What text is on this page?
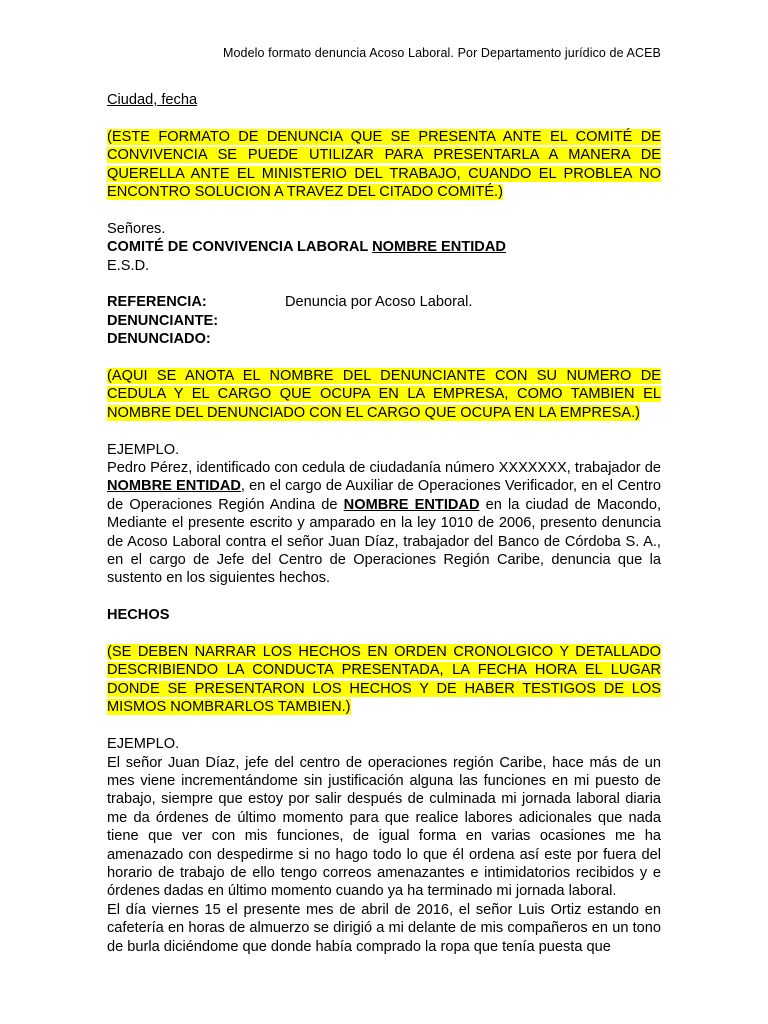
Modelo formato denuncia Acoso Laboral. Por Departamento jurídico de ACEB

Ciudad, fecha

(ESTE FORMATO DE DENUNCIA QUE SE PRESENTA ANTE EL COMITÉ DE CONVIVENCIA SE PUEDE UTILIZAR PARA PRESENTARLA A MANERA DE QUERELLA ANTE EL MINISTERIO DEL TRABAJO, CUANDO EL PROBLEA NO ENCONTRO SOLUCION A TRAVEZ DEL CITADO COMITÉ.)

Señores.

COMITÉ DE CONVIVENCIA LABORAL NOMBRE ENTIDAD

E.S.D.

REFERENCIA:	Denuncia por Acoso Laboral.

DENUNCIANTE:

DENUNCIADO:

(AQUI SE ANOTA EL NOMBRE DEL DENUNCIANTE CON SU NUMERO DE CEDULA Y EL CARGO QUE OCUPA EN LA EMPRESA, COMO TAMBIEN EL NOMBRE DEL DENUNCIADO CON EL CARGO QUE OCUPA EN LA EMPRESA.)

EJEMPLO.

Pedro Pérez, identificado con cedula de ciudadanía número XXXXXXX, trabajador de NOMBRE ENTIDAD, en el cargo de Auxiliar de Operaciones Verificador, en el Centro de Operaciones Región Andina de NOMBRE ENTIDAD en la ciudad de Macondo, Mediante el presente escrito y amparado en la ley 1010 de 2006, presento denuncia de Acoso Laboral contra el señor Juan Díaz, trabajador del Banco de Córdoba S. A., en el cargo de Jefe del Centro de Operaciones Región Caribe, denuncia que la sustento en los siguientes hechos.

HECHOS

(SE DEBEN NARRAR LOS HECHOS EN ORDEN CRONOLGICO Y DETALLADO DESCRIBIENDO LA CONDUCTA PRESENTADA, LA FECHA HORA EL LUGAR DONDE SE PRESENTARON LOS HECHOS Y DE HABER TESTIGOS DE LOS MISMOS NOMBRARLOS TAMBIEN.)

EJEMPLO.

El señor Juan Díaz, jefe del centro de operaciones región Caribe, hace más de un mes viene incrementándome sin justificación alguna las funciones en mi puesto de trabajo, siempre que estoy por salir después de culminada mi jornada laboral diaria me da órdenes de último momento para que realice labores adicionales que nada tiene que ver con mis funciones, de igual forma en varias ocasiones me ha amenazado con despedirme si no hago todo lo que él ordena así este por fuera del horario de trabajo de ello tengo correos amenazantes e intimidatorios recibidos y e órdenes dadas en último momento cuando ya ha terminado mi jornada laboral.

El día viernes 15 el presente mes de abril de 2016, el señor Luis Ortiz estando en cafetería en horas de almuerzo se dirigió a mi delante de mis compañeros en un tono de burla diciéndome que donde había comprado la ropa que tenía puesta que
